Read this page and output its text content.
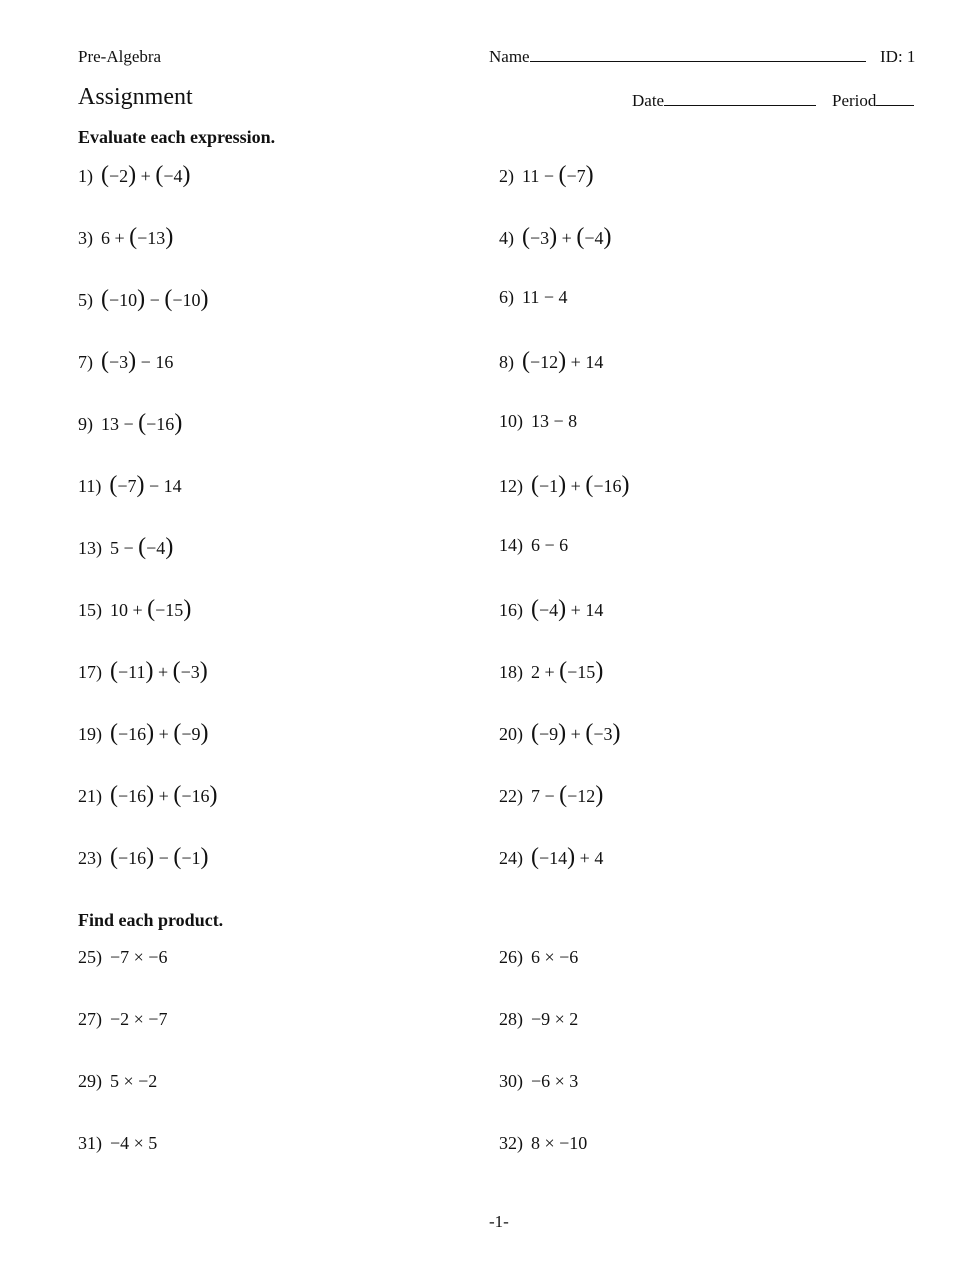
Pre-Algebra	Name	ID: 1
Assignment	Date	Period
Evaluate each expression.
Find each product.
1) (−2) + (−4)	2) 11 − (−7)
3) 6 + (−13)	4) (−3) + (−4)
5) (−10) − (−10)	6) 11 − 4
7) (−3) − 16	8) (−12) + 14
9) 13 − (−16)	10) 13 − 8
11) (−7) − 14	12) (−1) + (−16)
13) 5 − (−4)	14) 6 − 6
15) 10 + (−15)	16) (−4) + 14
17) (−11) + (−3)	18) 2 + (−15)
19) (−16) + (−9)	20) (−9) + (−3)
21) (−16) + (−16)	22) 7 − (−12)
23) (−16) − (−1)	24) (−14) + 4
25) −7 × −6	26) 6 × −6
27) −2 × −7	28) −9 × 2
29) 5 × −2	30) −6 × 3
31) −4 × 5	32) 8 × −10
-1-
